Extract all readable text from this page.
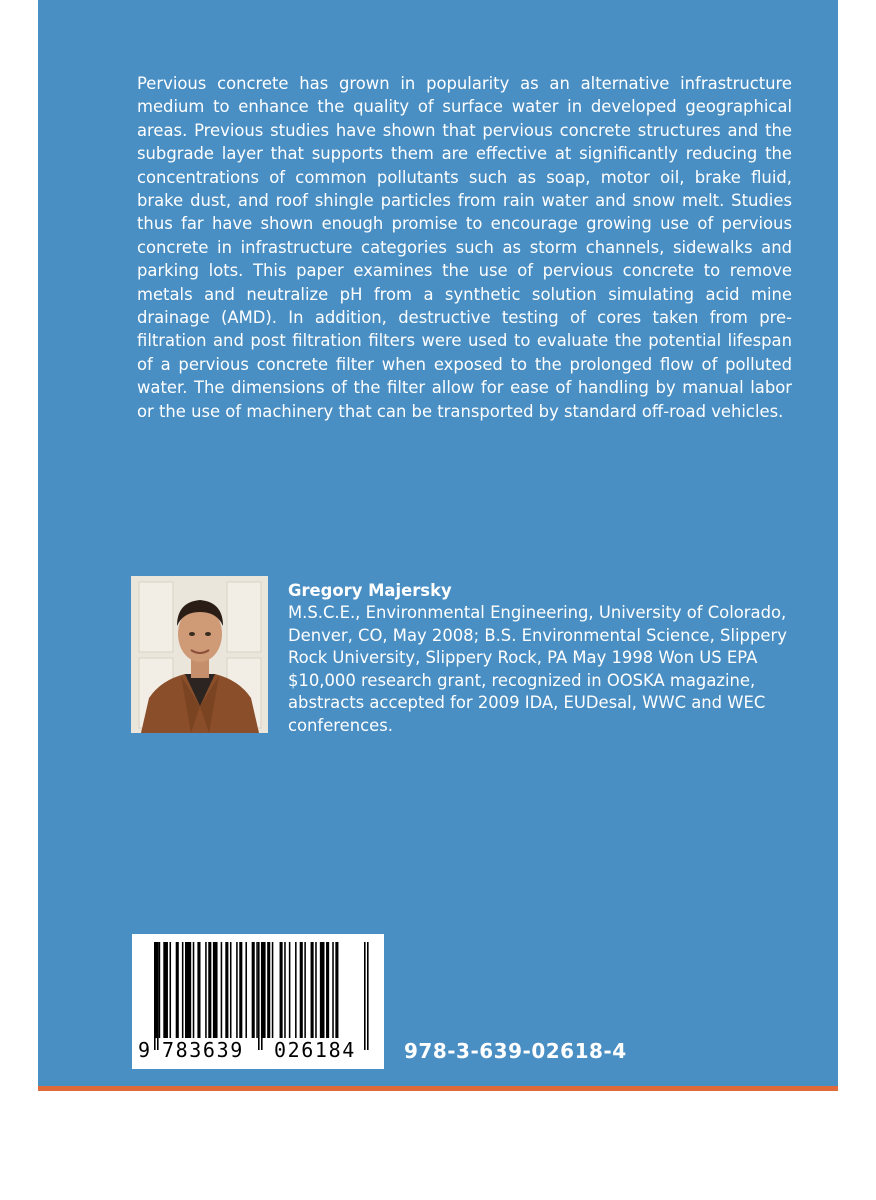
Pervious concrete has grown in popularity as an alternative infrastructure medium to enhance the quality of surface water in developed geographical areas. Previous studies have shown that pervious concrete structures and the subgrade layer that supports them are effective at significantly reducing the concentrations of common pollutants such as soap, motor oil, brake fluid, brake dust, and roof shingle particles from rain water and snow melt. Studies thus far have shown enough promise to encourage growing use of pervious concrete in infrastructure categories such as storm channels, sidewalks and parking lots. This paper examines the use of pervious concrete to remove metals and neutralize pH from a synthetic solution simulating acid mine drainage (AMD). In addition, destructive testing of cores taken from pre-filtration and post filtration filters were used to evaluate the potential lifespan of a pervious concrete filter when exposed to the prolonged flow of polluted water. The dimensions of the filter allow for ease of handling by manual labor or the use of machinery that can be transported by standard off-road vehicles.

Gregory Majersky

M.S.C.E., Environmental Engineering, University of Colorado, Denver, CO, May 2008; B.S. Environmental Science, Slippery Rock University, Slippery Rock, PA May 1998 Won US EPA $10,000 research grant, recognized in OOSKA magazine, abstracts accepted for 2009 IDA, EUDesal, WWC and WEC conferences.

9 783639 026184 978-3-639-02618-4
